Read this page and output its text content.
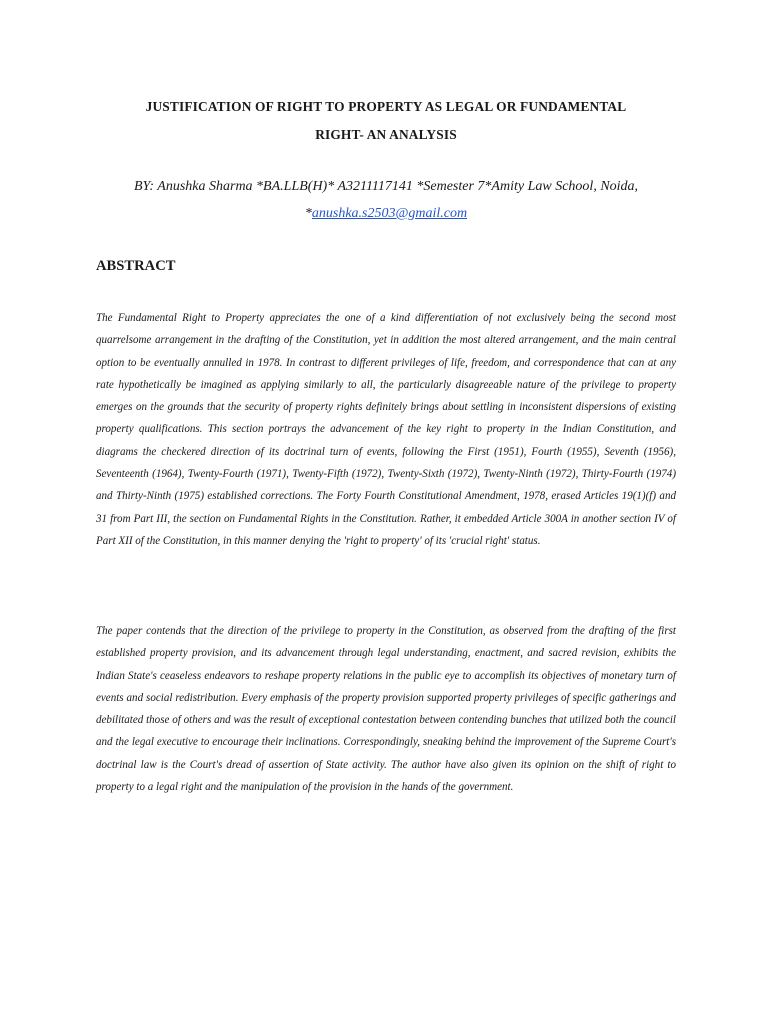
JUSTIFICATION OF RIGHT TO PROPERTY AS LEGAL OR FUNDAMENTAL
RIGHT- AN ANALYSIS

BY: Anushka Sharma *BA.LLB(H)* A3211117141 *Semester 7*Amity Law School, Noida,
*anushka.s2503@gmail.com

ABSTRACT

The Fundamental Right to Property appreciates the one of a kind differentiation of not exclusively being the second most quarrelsome arrangement in the drafting of the Constitution, yet in addition the most altered arrangement, and the main central option to be eventually annulled in 1978. In contrast to different privileges of life, freedom, and correspondence that can at any rate hypothetically be imagined as applying similarly to all, the particularly disagreeable nature of the privilege to property emerges on the grounds that the security of property rights definitely brings about settling in inconsistent dispersions of existing property qualifications. This section portrays the advancement of the key right to property in the Indian Constitution, and diagrams the checkered direction of its doctrinal turn of events, following the First (1951), Fourth (1955), Seventh (1956), Seventeenth (1964), Twenty-Fourth (1971), Twenty-Fifth (1972), Twenty-Sixth (1972), Twenty-Ninth (1972), Thirty-Fourth (1974) and Thirty-Ninth (1975) established corrections. The Forty Fourth Constitutional Amendment, 1978, erased Articles 19(1)(f) and 31 from Part III, the section on Fundamental Rights in the Constitution. Rather, it embedded Article 300A in another section IV of Part XII of the Constitution, in this manner denying the 'right to property' of its 'crucial right' status.

The paper contends that the direction of the privilege to property in the Constitution, as observed from the drafting of the first established property provision, and its advancement through legal understanding, enactment, and sacred revision, exhibits the Indian State's ceaseless endeavors to reshape property relations in the public eye to accomplish its objectives of monetary turn of events and social redistribution. Every emphasis of the property provision supported property privileges of specific gatherings and debilitated those of others and was the result of exceptional contestation between contending bunches that utilized both the council and the legal executive to encourage their inclinations. Correspondingly, sneaking behind the improvement of the Supreme Court's doctrinal law is the Court's dread of assertion of State activity. The author have also given its opinion on the shift of right to property to a legal right and the manipulation of the provision in the hands of the government.
